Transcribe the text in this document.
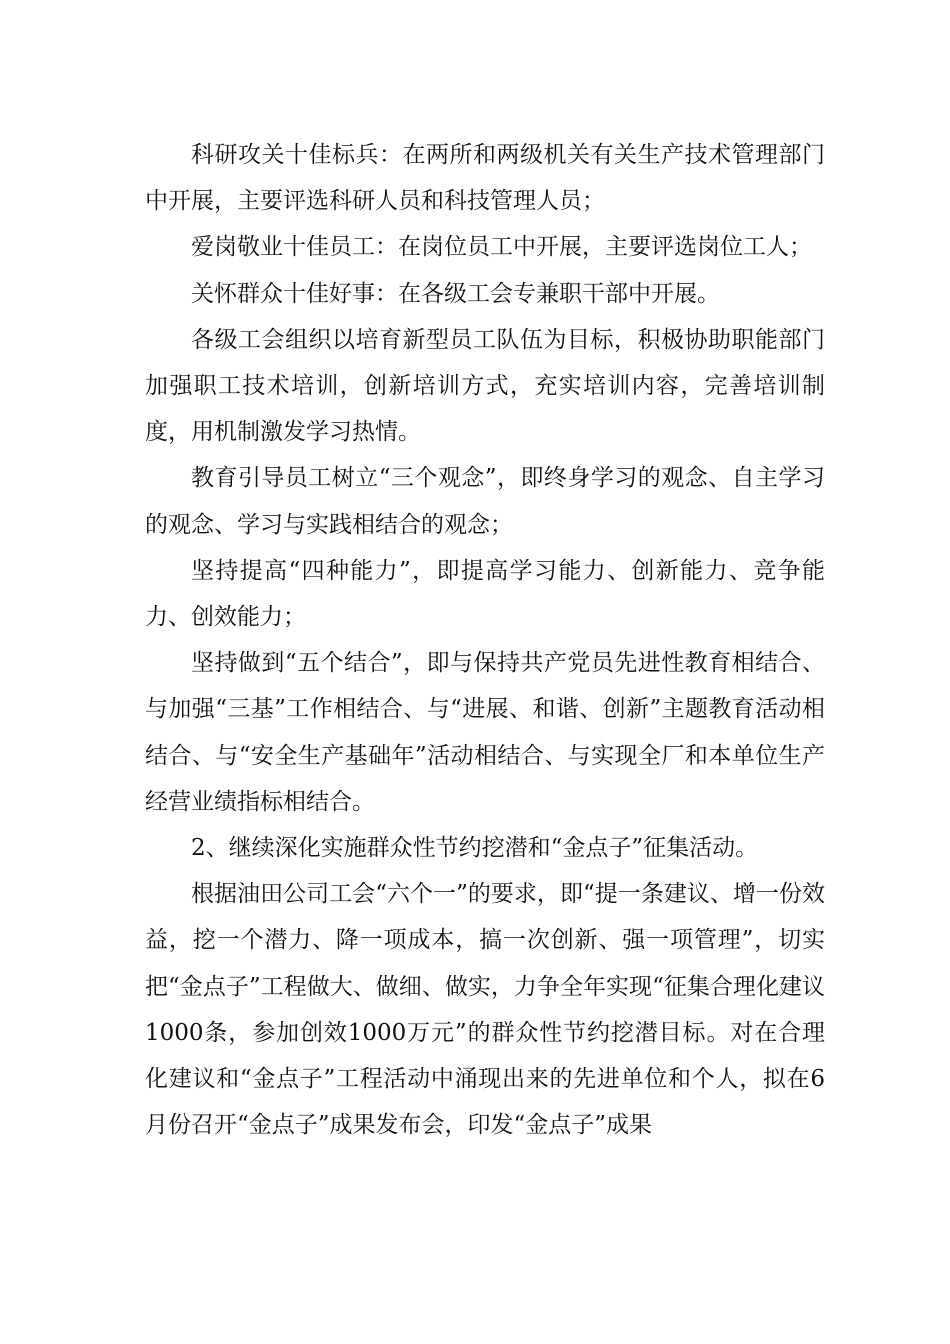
科研攻关十佳标兵：在两所和两级机关有关生产技术管理部门中开展，主要评选科研人员和科技管理人员；

爱岗敬业十佳员工：在岗位员工中开展，主要评选岗位工人；

关怀群众十佳好事：在各级工会专兼职干部中开展。

各级工会组织以培育新型员工队伍为目标，积极协助职能部门加强职工技术培训，创新培训方式，充实培训内容，完善培训制度，用机制激发学习热情。

教育引导员工树立“三个观念”，即终身学习的观念、自主学习的观念、学习与实践相结合的观念；

坚持提高“四种能力”，即提高学习能力、创新能力、竞争能力、创效能力；

坚持做到“五个结合”，即与保持共产党员先进性教育相结合、与加强“三基”工作相结合、与“进展、和谐、创新”主题教育活动相结合、与“安全生产基础年”活动相结合、与实现全厂和本单位生产经营业绩指标相结合。

2、继续深化实施群众性节约挖潜和“金点子”征集活动。

根据油田公司工会“六个一”的要求，即“提一条建议、增一份效益，挖一个潜力、降一项成本，搞一次创新、强一项管理”，切实把“金点子”工程做大、做细、做实，力争全年实现“征集合理化建议1000条，参加创效1000万元”的群众性节约挖潜目标。对在合理化建议和“金点子”工程活动中涌现出来的先进单位和个人，拟在6月份召开“金点子”成果发布会，印发“金点子”成果
